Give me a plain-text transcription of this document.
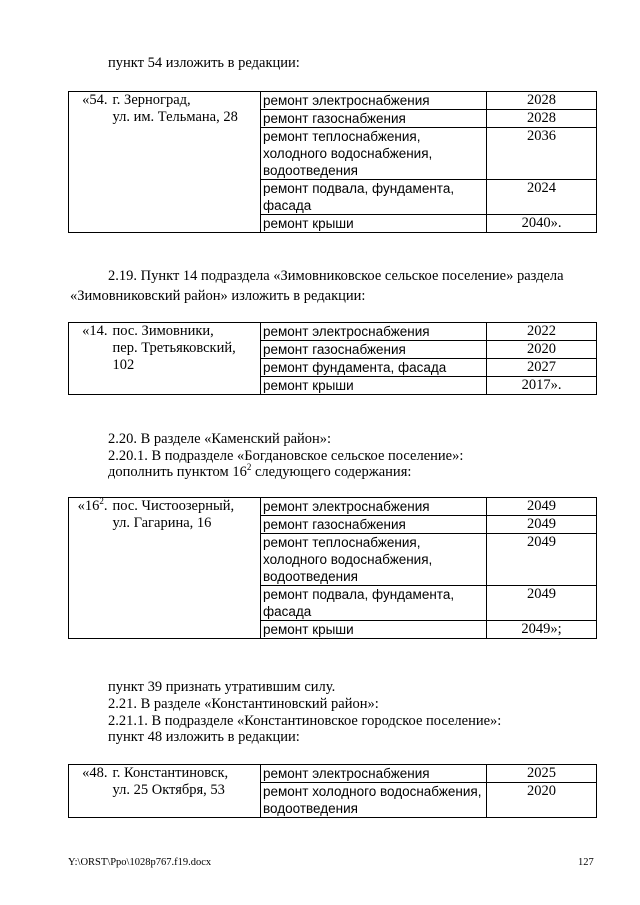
пункт 54 изложить в редакции:
«54.	г. Зерноград,
ул. им. Тельмана, 28	ремонт электроснабжения	2028

		ремонт газоснабжения	2028

		ремонт теплоснабжения,
холодного водоснабжения,
водоотведения	2036

		ремонт подвала, фундамента,
фасада	2024

		ремонт крыши	2040».
2.19. Пункт 14 подраздела «Зимовниковское сельское поселение» раздела
«Зимовниковский район» изложить в редакции:
«14.	пос. Зимовники,
пер. Третьяковский,
102	ремонт электроснабжения	2022

		ремонт газоснабжения	2020

		ремонт фундамента, фасада	2027

		ремонт крыши	2017».
2.20. В разделе «Каменский район»:
2.20.1. В подразделе «Богдановское сельское поселение»:
дополнить пунктом $16^2$ следующего содержания:
«$16^2$.	пос. Чистоозерный,
ул. Гагарина, 16	ремонт электроснабжения	2049

		ремонт газоснабжения	2049

		ремонт теплоснабжения,
холодного водоснабжения,
водоотведения	2049

		ремонт подвала, фундамента,
фасада	2049

		ремонт крыши	2049»;
пункт 39 признать утратившим силу.
2.21. В разделе «Константиновский район»:
2.21.1. В подразделе «Константиновское городское поселение»:
пункт 48 изложить в редакции:
«48.	г. Константиновск,
ул. 25 Октября, 53	ремонт электроснабжения	2025

		ремонт холодного водоснабжения,
водоотведения	2020
Y:\ORST\Ppo\1028p767.f19.docx	127
